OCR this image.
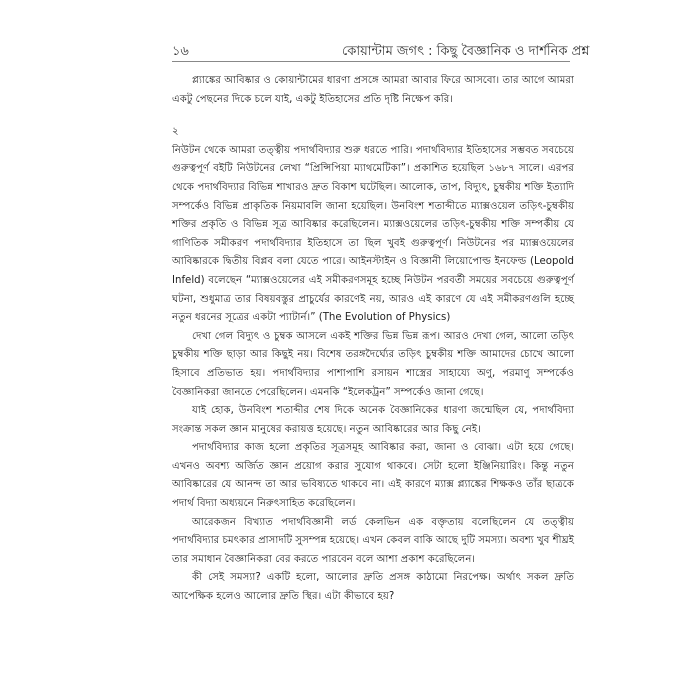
১৬	কোয়ান্টাম জগৎ : কিছু বৈজ্ঞানিক ও দার্শনিক প্রশ্ন

প্ল্যাঙ্কের আবিষ্কার ও কোয়ান্টামের ধারণা প্রসঙ্গে আমরা আবার ফিরে আসবো। তার আগে আমরা একটু পেছনের দিকে চলে যাই, একটু ইতিহাসের প্রতি দৃষ্টি নিক্ষেপ করি।

২

নিউটন থেকে আমরা তত্ত্বীয় পদার্থবিদ্যার শুরু ধরতে পারি। পদার্থবিদ্যার ইতিহাসের সম্ভবত সবচেয়ে গুরুত্বপূর্ণ বইটি নিউটনের লেখা “প্রিন্সিপিয়া ম্যাথমেটিকা”। প্রকাশিত হয়েছিল ১৬৮৭ সালে। এরপর থেকে পদার্থবিদ্যার বিভিন্ন শাখারও দ্রুত বিকাশ ঘটেছিল। আলোক, তাপ, বিদ্যুৎ, চুম্বকীয় শক্তি ইত্যাদি সম্পর্কেও বিভিন্ন প্রাকৃতিক নিয়মাবলি জানা হয়েছিল। উনবিংশ শতাব্দীতে ম্যাক্সওয়েল তড়িৎ-চুম্বকীয় শক্তির প্রকৃতি ও বিভিন্ন সূত্র আবিষ্কার করেছিলেন। ম্যাক্সওয়েলের তড়িৎ-চুম্বকীয় শক্তি সম্পর্কীয় যে গাণিতিক সমীকরণ পদার্থবিদ্যার ইতিহাসে তা ছিল খুবই গুরুত্বপূর্ণ। নিউটনের পর ম্যাক্সওয়েলের আবিষ্কারকে দ্বিতীয় বিপ্লব বলা যেতে পারে। আইনস্টাইন ও বিজ্ঞানী লিয়োপোল্ড ইনফেল্ড (Leopold Infeld) বলেছেন “ম্যাক্সওয়েলের এই সমীকরণসমূহ হচ্ছে নিউটন পরবর্তী সময়ের সবচেয়ে গুরুত্বপূর্ণ ঘটনা, শুধুমাত্র তার বিষয়বস্তুর প্রাচুর্যের কারণেই নয়, আরও এই কারণে যে এই সমীকরণগুলি হচ্ছে নতুন ধরনের সূত্রের একটা প্যাটার্ন।” (The Evolution of Physics)

দেখা গেল বিদ্যুৎ ও চুম্বক আসলে একই শক্তির ভিন্ন ভিন্ন রূপ। আরও দেখা গেল, আলো তড়িৎ চুম্বকীয় শক্তি ছাড়া আর কিছুই নয়। বিশেষ তরঙ্গদৈর্ঘ্যের তড়িৎ চুম্বকীয় শক্তি আমাদের চোখে আলো হিসাবে প্রতিভাত হয়। পদার্থবিদ্যার পাশাপাশি রসায়ন শাস্ত্রের সাহায্যে অণু, পরমাণু সম্পর্কেও বৈজ্ঞানিকরা জানতে পেরেছিলেন। এমনকি “ইলেকট্রন” সম্পর্কেও জানা গেছে।

যাই হোক, উনবিংশ শতাব্দীর শেষ দিকে অনেক বৈজ্ঞানিকের ধারণা জন্মেছিল যে, পদার্থবিদ্যা সংক্রান্ত সকল জ্ঞান মানুষের করায়ত্ত হয়েছে। নতুন আবিষ্কারের আর কিছু নেই।

পদার্থবিদ্যার কাজ হলো প্রকৃতির সূত্রসমূহ আবিষ্কার করা, জানা ও বোঝা। এটা হয়ে গেছে। এখনও অবশ্য অর্জিত জ্ঞান প্রয়োগ করার সুযোগ থাকবে। সেটা হলো ইঞ্জিনিয়ারিং। কিন্তু নতুন আবিষ্কারের যে আনন্দ তা আর ভবিষ্যতে থাকবে না। এই কারণে ম্যাক্স প্ল্যাঙ্কের শিক্ষকও তাঁর ছাত্রকে পদার্থ বিদ্যা অধ্যয়নে নিরুৎসাহিত করেছিলেন।

আরেকজন বিখ্যাত পদার্থবিজ্ঞানী লর্ড কেলভিন এক বক্তৃতায় বলেছিলেন যে তত্ত্বীয় পদার্থবিদ্যার চমৎকার প্রাসাদটি সুসম্পন্ন হয়েছে। এখন কেবল বাকি আছে দুটি সমস্যা। অবশ্য খুব শীঘ্রই তার সমাধান বৈজ্ঞানিকরা বের করতে পারবেন বলে আশা প্রকাশ করেছিলেন।

কী সেই সমস্যা? একটি হলো, আলোর দ্রুতি প্রসঙ্গ কাঠামো নিরপেক্ষ। অর্থাৎ সকল দ্রুতি আপেক্ষিক হলেও আলোর দ্রুতি স্থির। এটা কীভাবে হয়?
